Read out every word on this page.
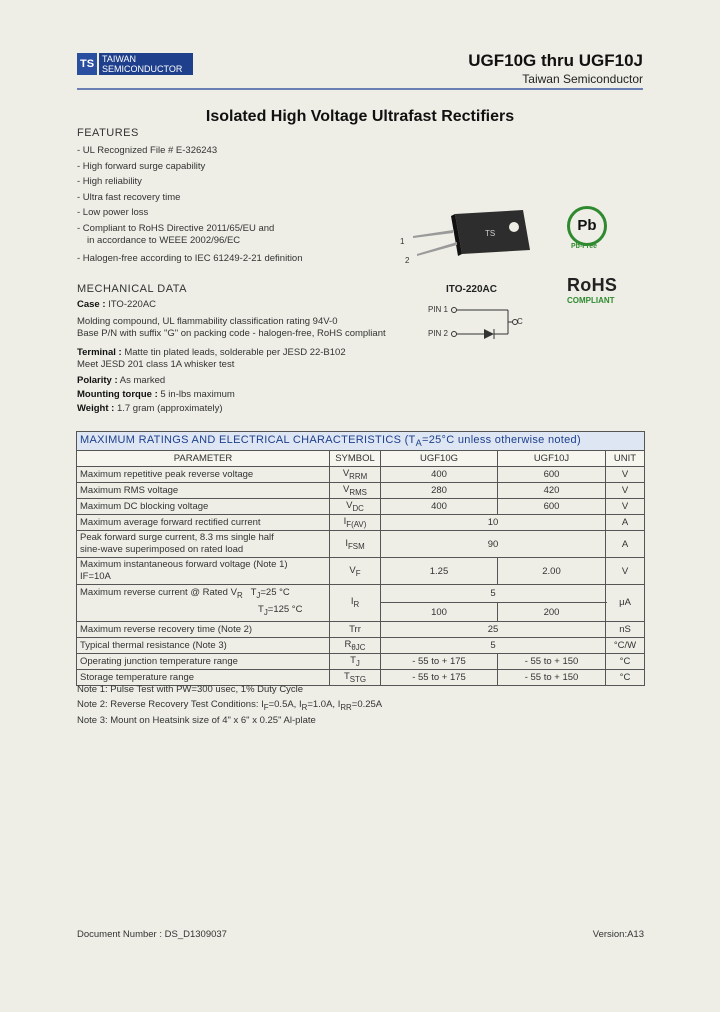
TS TAIWAN
SEMICONDUCTOR	UGF10G thru UGF10J
Taiwan Semiconductor
Isolated High Voltage Ultrafast Rectifiers
FEATURES
- UL Recognized File # E-326243
- High forward surge capability
- High reliability
- Ultra fast recovery time
- Low power loss
- Compliant to RoHS Directive 2011/65/EU and
in accordance to WEEE 2002/96/EC
- Halogen-free according to IEC 61249-2-21 definition
MECHANICAL DATA
Case : ITO-220AC
Molding compound, UL flammability classification rating 94V-0
Base P/N with suffix "G" on packing code - halogen-free, RoHS compliant
Terminal : Matte tin plated leads, solderable per JESD 22-B102
Meet JESD 201 class 1A whisker test
Polarity : As marked
Mounting torque : 5 in-lbs maximum
Weight : 1.7 gram (approximately)
TS
1
2
ITO-220AC
PIN 1
PIN 2
C
Pb
Pb-Free
RoHS
COMPLIANT
MAXIMUM RATINGS AND ELECTRICAL CHARACTERISTICS ($T_A=25^\circ C$ unless otherwise noted)				
PARAMETER	SYMBOL	UGF10G	UGF10J	UNIT
Maximum repetitive peak reverse voltage	$V_{RRM}$	400	600	V
Maximum RMS voltage	$V_{RMS}$	280	420	V
Maximum DC blocking voltage	$V_{DC}$	400	600	V
Maximum average forward rectified current	$I_{F(AV)}$	10		A

Peak forward surge current, 8.3 ms single half
sine-wave superimposed on rated load	$I_{FSM}$	90		A

Maximum instantaneous forward voltage (Note 1)
IF=10A	$V_F$	1.25	2.00	V

Maximum reverse current @ Rated $V_R$ $T_J=25$ °C
$T_J=125$ °C	$I_R$	5		μA
		100	200	
Maximum reverse recovery time (Note 2)	Trr	25		nS
Typical thermal resistance (Note 3)	$R_{\theta JC}$	5		°C/W
Operating junction temperature range	$T_J$	- 55 to + 175	- 55 to + 150	°C
Storage temperature range	$T_{STG}$	- 55 to + 175	- 55 to + 150	°C
Note 1: Pulse Test with PW=300 usec, 1% Duty Cycle
Note 2: Reverse Recovery Test Conditions: $I_F=0.5A$, $I_R=1.0A$, $I_{RR}=0.25A$
Note 3: Mount on Heatsink size of 4" x 6" x 0.25" Al-plate
Document Number : DS_D1309037	Version:A13
